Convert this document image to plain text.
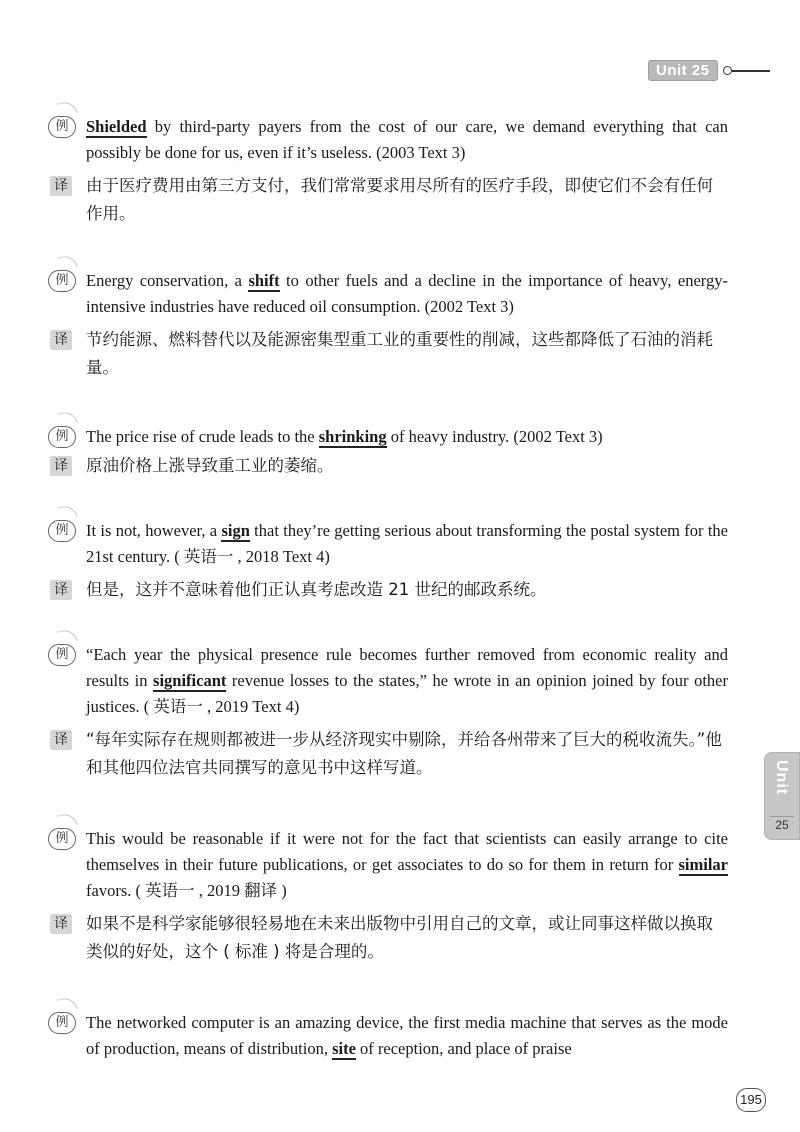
Unit 25
Unit
25
例	Shielded by third-party payers from the cost of our care, we demand everything that can possibly be done for us, even if it’s useless. (2003 Text 3)
译 由于医疗费用由第三方支付，我们常常要求用尽所有的医疗手段，即使它们不会有任何作用。
例	Energy conservation, a shift to other fuels and a decline in the importance of heavy, energy-intensive industries have reduced oil consumption. (2002 Text 3)
译 节约能源、燃料替代以及能源密集型重工业的重要性的削减，这些都降低了石油的消耗量。
例	The price rise of crude leads to the shrinking of heavy industry. (2002 Text 3)
译 原油价格上涨导致重工业的萎缩。
例	It is not, however, a sign that they’re getting serious about transforming the postal system for the 21st century. ( 英语一 , 2018 Text 4)
译 但是，这并不意味着他们正认真考虑改造 21 世纪的邮政系统。
例	“Each year the physical presence rule becomes further removed from economic reality and results in significant revenue losses to the states,” he wrote in an opinion joined by four other justices. ( 英语一 , 2019 Text 4)
译 “每年实际存在规则都被进一步从经济现实中剔除，并给各州带来了巨大的税收流失。”他和其他四位法官共同撰写的意见书中这样写道。
例	This would be reasonable if it were not for the fact that scientists can easily arrange to cite themselves in their future publications, or get associates to do so for them in return for similar favors. ( 英语一 , 2019 翻译 )
译 如果不是科学家能够很轻易地在未来出版物中引用自己的文章，或让同事这样做以换取类似的好处，这个 ( 标准 ) 将是合理的。
例	The networked computer is an amazing device, the first media machine that serves as the mode of production, means of distribution, site of reception, and place of praise
195
